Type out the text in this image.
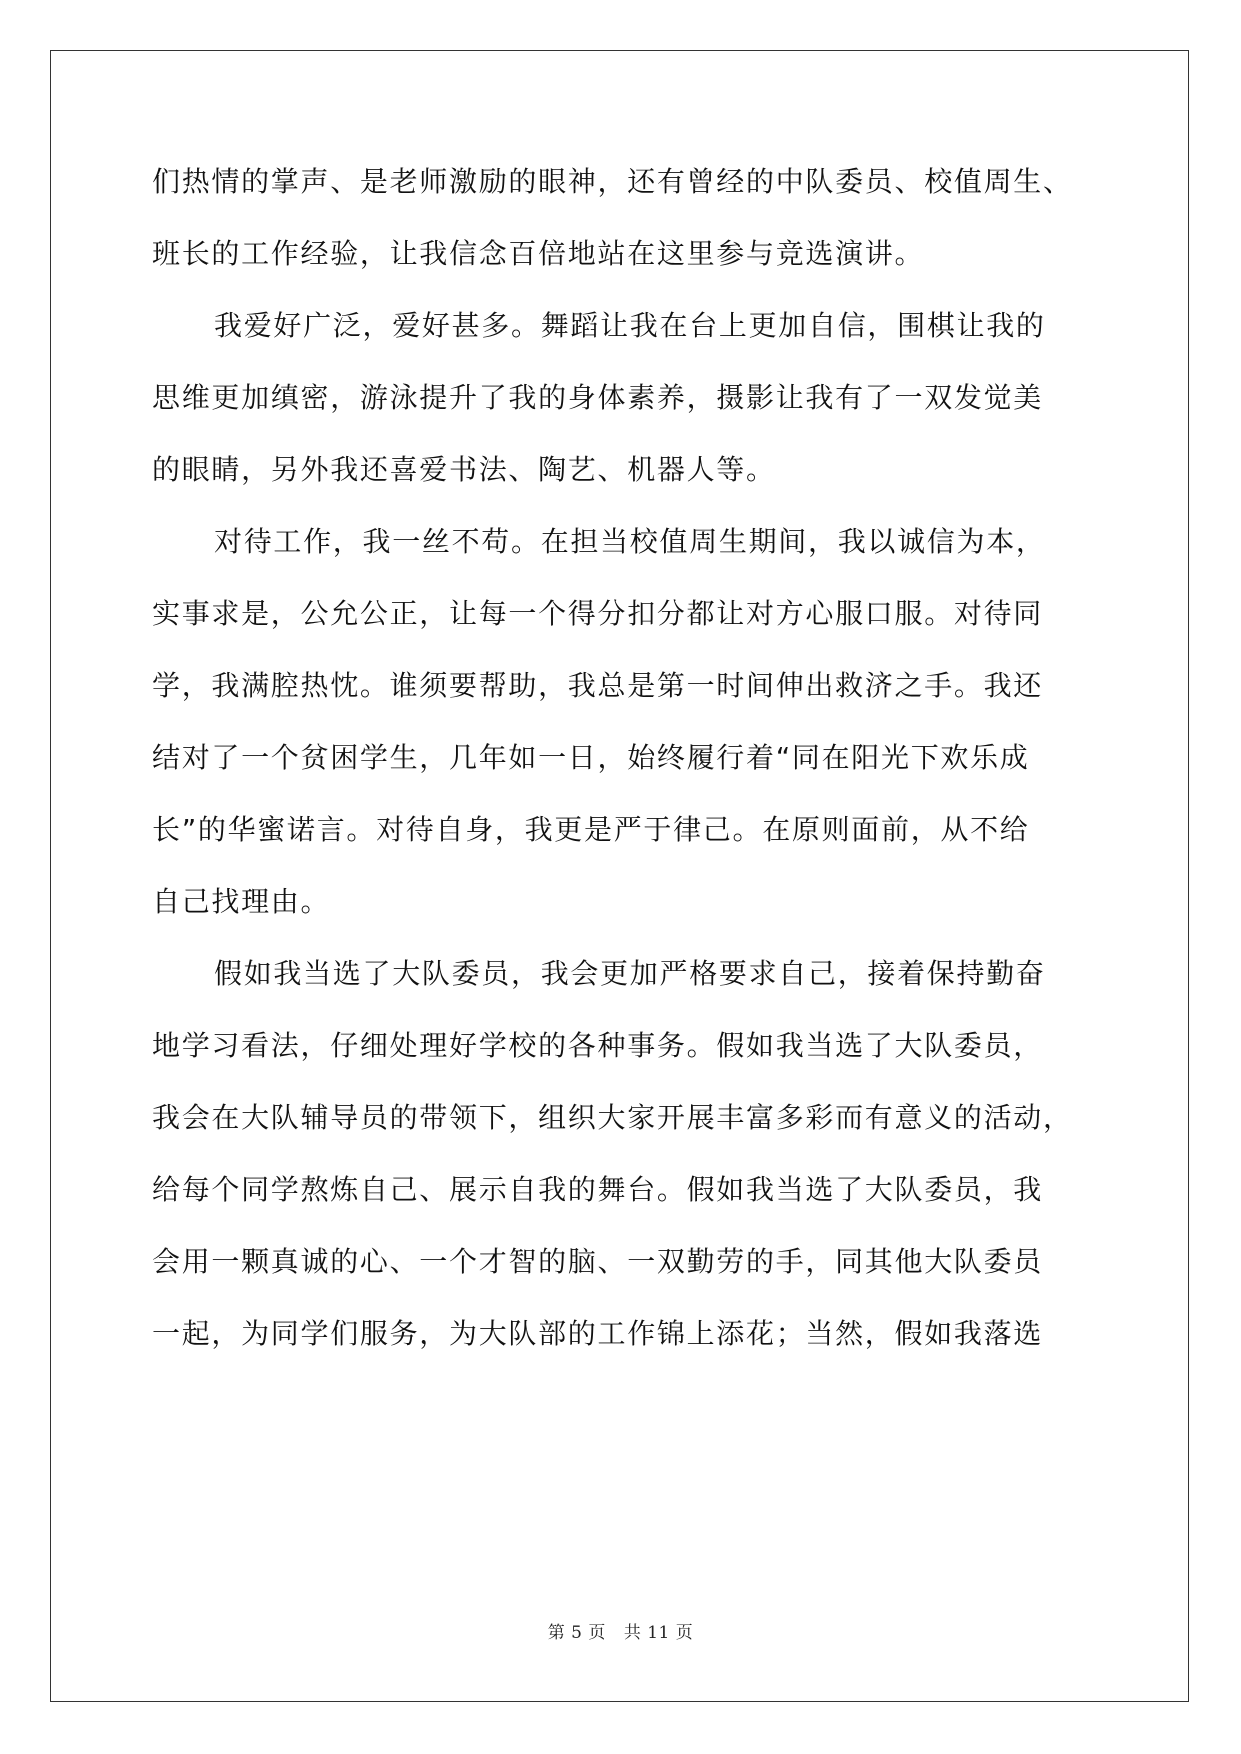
们热情的掌声、是老师激励的眼神，还有曾经的中队委员、校值周生、
班长的工作经验，让我信念百倍地站在这里参与竞选演讲。
我爱好广泛，爱好甚多。舞蹈让我在台上更加自信，围棋让我的
思维更加缜密，游泳提升了我的身体素养，摄影让我有了一双发觉美
的眼睛，另外我还喜爱书法、陶艺、机器人等。
对待工作，我一丝不苟。在担当校值周生期间，我以诚信为本，
实事求是，公允公正，让每一个得分扣分都让对方心服口服。对待同
学，我满腔热忱。谁须要帮助，我总是第一时间伸出救济之手。我还
结对了一个贫困学生，几年如一日，始终履行着“同在阳光下欢乐成
长”的华蜜诺言。对待自身，我更是严于律己。在原则面前，从不给
自己找理由。
假如我当选了大队委员，我会更加严格要求自己，接着保持勤奋
地学习看法，仔细处理好学校的各种事务。假如我当选了大队委员，
我会在大队辅导员的带领下，组织大家开展丰富多彩而有意义的活动，
给每个同学熬炼自己、展示自我的舞台。假如我当选了大队委员，我
会用一颗真诚的心、一个才智的脑、一双勤劳的手，同其他大队委员
一起，为同学们服务，为大队部的工作锦上添花；当然，假如我落选
第 5 页 共 11 页
